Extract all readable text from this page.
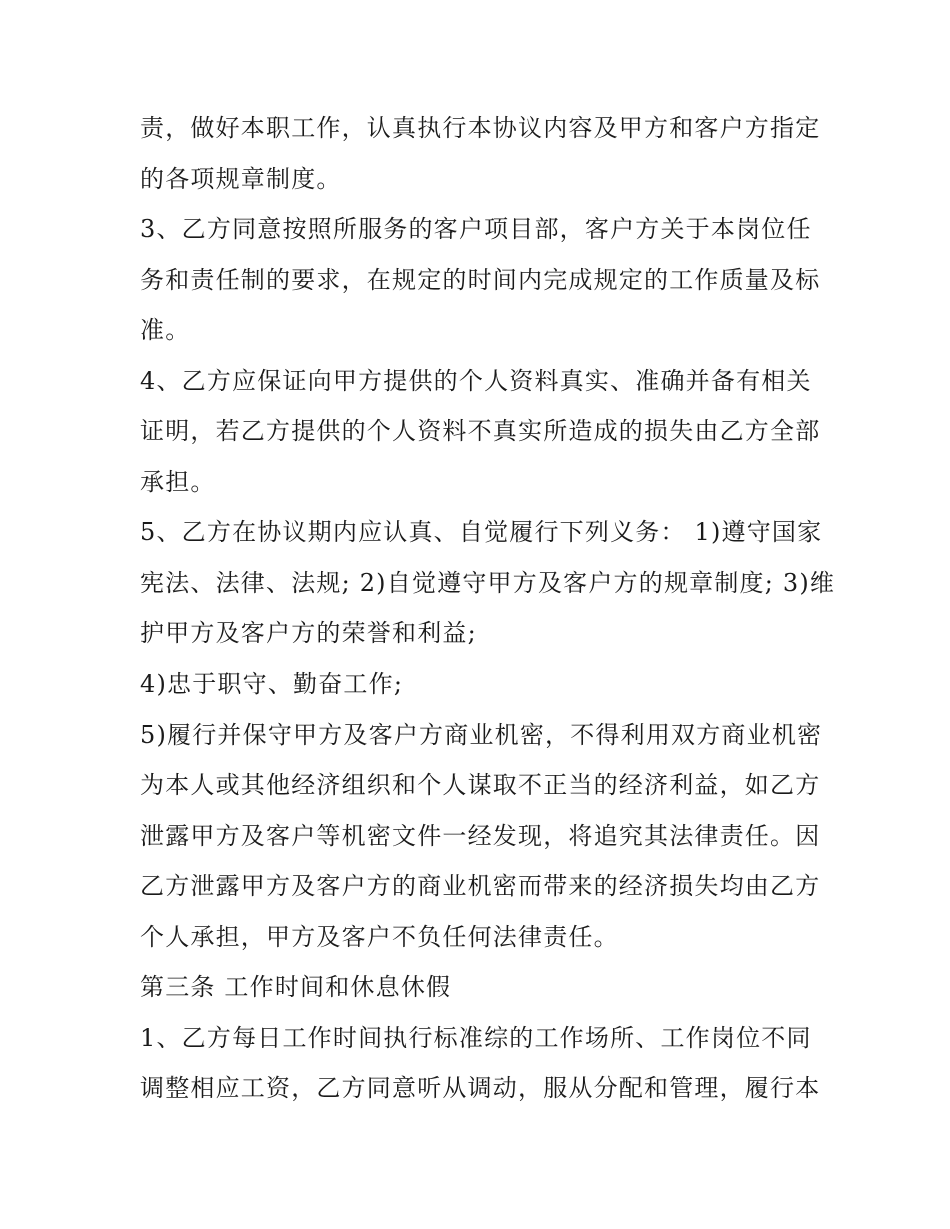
责，做好本职工作，认真执行本协议内容及甲方和客户方指定

的各项规章制度。

3、乙方同意按照所服务的客户项目部，客户方关于本岗位任

务和责任制的要求，在规定的时间内完成规定的工作质量及标

准。

4、乙方应保证向甲方提供的个人资料真实、准确并备有相关

证明，若乙方提供的个人资料不真实所造成的损失由乙方全部

承担。

5、乙方在协议期内应认真、自觉履行下列义务： 1)遵守国家

宪法、法律、法规; 2)自觉遵守甲方及客户方的规章制度; 3)维

护甲方及客户方的荣誉和利益;

4)忠于职守、勤奋工作;

5)履行并保守甲方及客户方商业机密，不得利用双方商业机密

为本人或其他经济组织和个人谋取不正当的经济利益，如乙方

泄露甲方及客户等机密文件一经发现，将追究其法律责任。因

乙方泄露甲方及客户方的商业机密而带来的经济损失均由乙方

个人承担，甲方及客户不负任何法律责任。

第三条 工作时间和休息休假

1、乙方每日工作时间执行标准综的工作场所、工作岗位不同

调整相应工资，乙方同意听从调动，服从分配和管理，履行本
